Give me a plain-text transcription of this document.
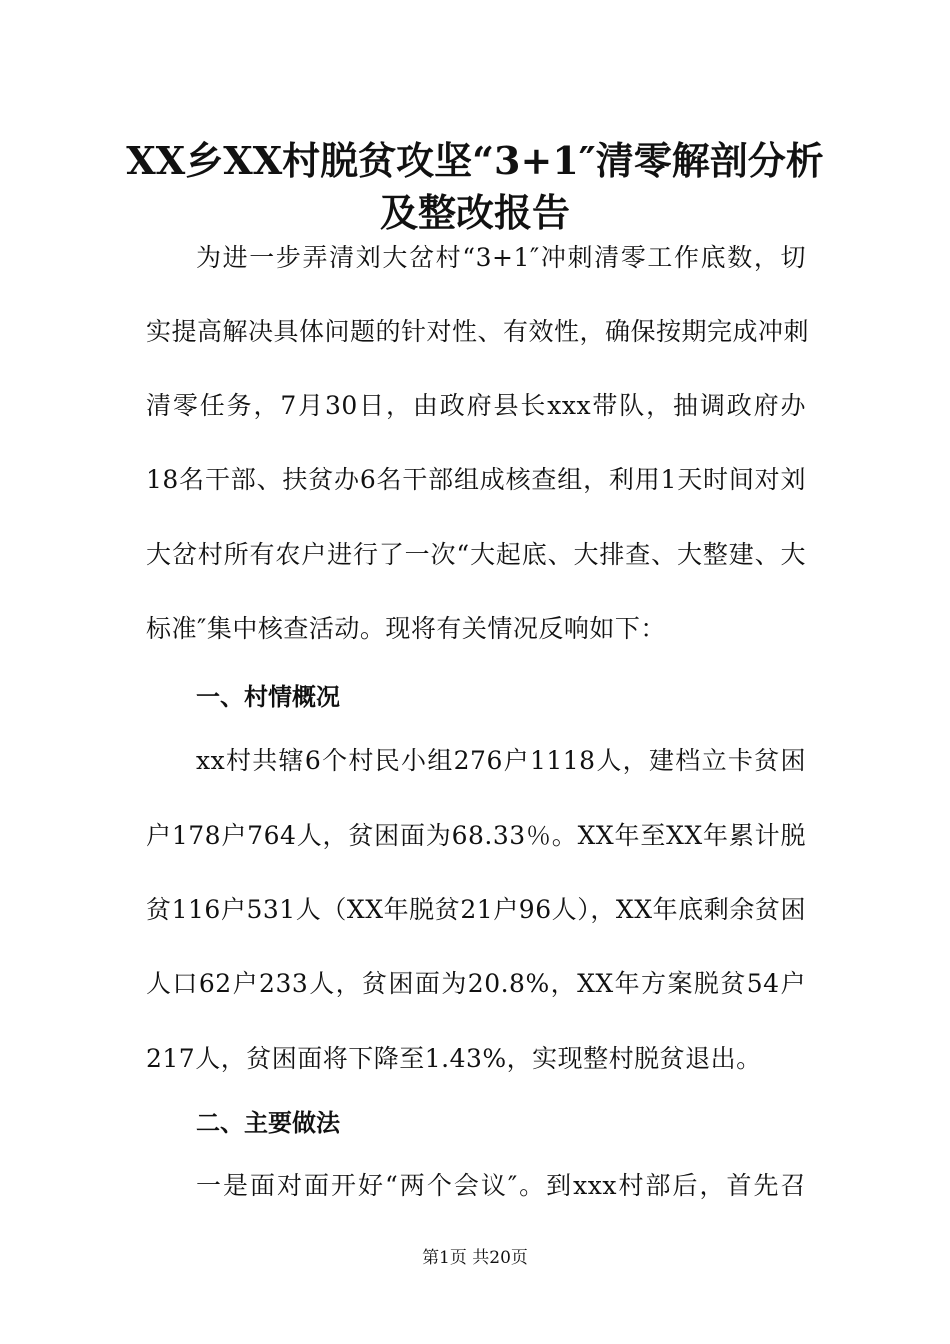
XX乡XX村脱贫攻坚“3+1″清零解剖分析
及整改报告
为进一步弄清刘大岔村“3+1″冲刺清零工作底数，切
实提高解决具体问题的针对性、有效性，确保按期完成冲刺
清零任务，7月30日，由政府县长xxx带队，抽调政府办
18名干部、扶贫办6名干部组成核查组，利用1天时间对刘
大岔村所有农户进行了一次“大起底、大排查、大整建、大
标准″集中核查活动。现将有关情况反响如下：
一、村情概况
xx村共辖6个村民小组276户1118人，建档立卡贫困
户178户764人，贫困面为68.33％。XX年至XX年累计脱
贫116户531人（XX年脱贫21户96人），XX年底剩余贫困
人口62户233人，贫困面为20.8%，XX年方案脱贫54户
217人，贫困面将下降至1.43%，实现整村脱贫退出。
二、主要做法
一是面对面开好“两个会议″。到xxx村部后，首先召
第1页 共20页
